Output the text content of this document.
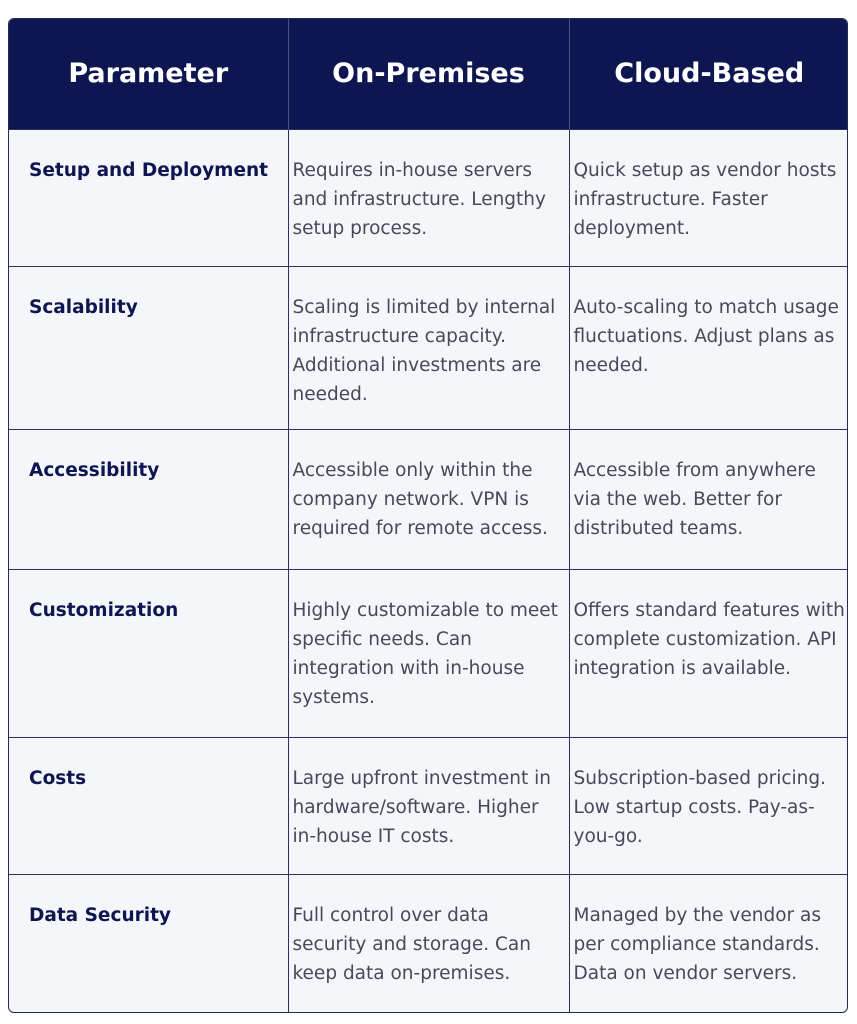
Parameter	On-Premises	Cloud-Based
Setup and Deployment	Requires in-house servers and infrastructure. Lengthy setup process.	Quick setup as vendor hosts infrastructure. Faster deployment.
Scalability	Scaling is limited by internal infrastructure capacity. Additional investments are needed.	Auto-scaling to match usage fluctuations. Adjust plans as needed.
Accessibility	Accessible only within the company network. VPN is required for remote access.	Accessible from anywhere via the web. Better for distributed teams.
Customization	Highly customizable to meet specific needs. Can integration with in-house systems.	Offers standard features with complete customization. API integration is available.
Costs	Large upfront investment in hardware/software. Higher in-house IT costs.	Subscription-based pricing. Low startup costs. Pay-as-you-go.
Data Security	Full control over data security and storage. Can keep data on-premises.	Managed by the vendor as per compliance standards. Data on vendor servers.
